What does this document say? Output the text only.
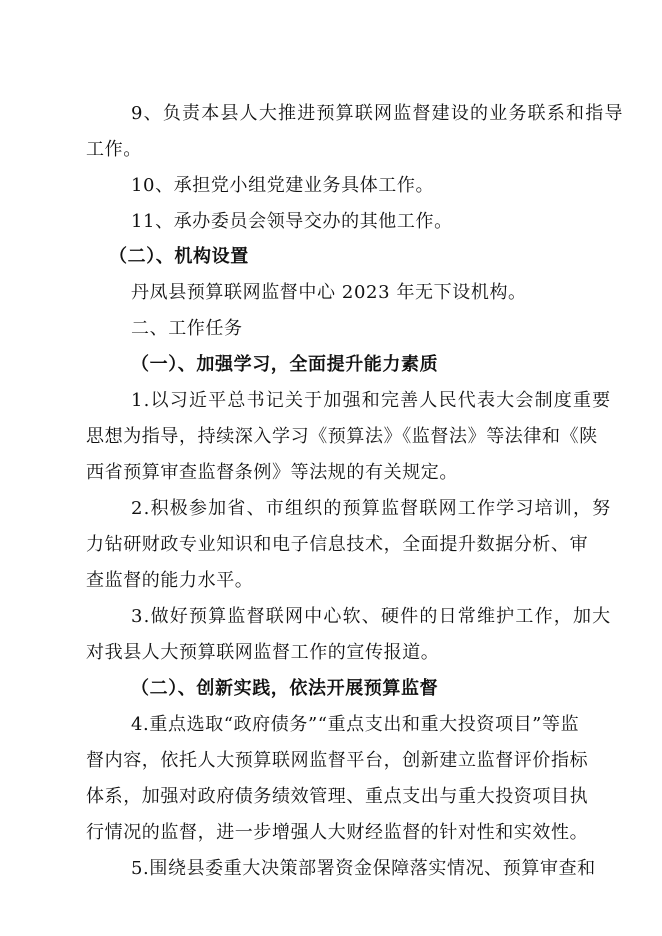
9、负责本县人大推进预算联网监督建设的业务联系和指导
工作。
10、承担党小组党建业务具体工作。
11、承办委员会领导交办的其他工作。
（二）、机构设置
丹凤县预算联网监督中心 2023 年无下设机构。
二、工作任务
（一）、加强学习，全面提升能力素质
1.以习近平总书记关于加强和完善人民代表大会制度重要
思想为指导，持续深入学习《预算法》《监督法》等法律和《陕
西省预算审查监督条例》等法规的有关规定。
2.积极参加省、市组织的预算监督联网工作学习培训，努
力钻研财政专业知识和电子信息技术，全面提升数据分析、审
查监督的能力水平。
3.做好预算监督联网中心软、硬件的日常维护工作，加大
对我县人大预算联网监督工作的宣传报道。
（二）、创新实践，依法开展预算监督
4.重点选取“政府债务”“重点支出和重大投资项目”等监
督内容，依托人大预算联网监督平台，创新建立监督评价指标
体系，加强对政府债务绩效管理、重点支出与重大投资项目执
行情况的监督，进一步增强人大财经监督的针对性和实效性。
5.围绕县委重大决策部署资金保障落实情况、预算审查和
